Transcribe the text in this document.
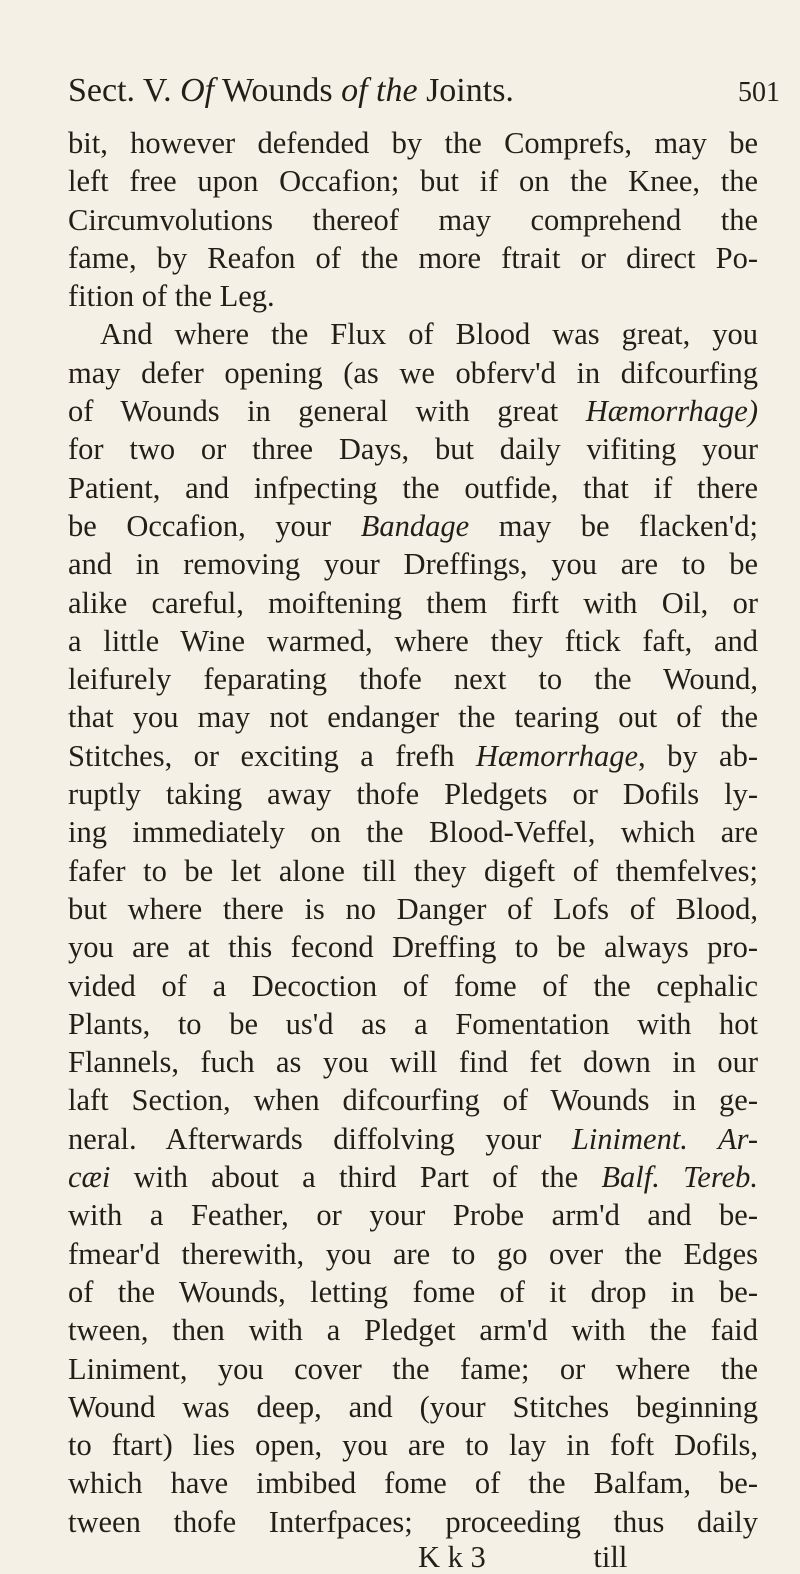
Sect. V. Of Wounds of the Joints.	501
bit, however defended by the Comprefs, may be
left free upon Occafion; but if on the Knee, the
Circumvolutions thereof may comprehend the
fame, by Reafon of the more ftrait or direct Po-
fition of the Leg.
And where the Flux of Blood was great, you
may defer opening (as we obferv'd in difcourfing
of Wounds in general with great Hæmorrhage)
for two or three Days, but daily vifiting your
Patient, and infpecting the outfide, that if there
be Occafion, your Bandage may be flacken'd;
and in removing your Dreffings, you are to be
alike careful, moiftening them firft with Oil, or
a little Wine warmed, where they ftick faft, and
leifurely feparating thofe next to the Wound,
that you may not endanger the tearing out of the
Stitches, or exciting a frefh Hæmorrhage, by ab-
ruptly taking away thofe Pledgets or Dofils ly-
ing immediately on the Blood-Veffel, which are
fafer to be let alone till they digeft of themfelves;
but where there is no Danger of Lofs of Blood,
you are at this fecond Dreffing to be always pro-
vided of a Decoction of fome of the cephalic
Plants, to be us'd as a Fomentation with hot
Flannels, fuch as you will find fet down in our
laft Section, when difcourfing of Wounds in ge-
neral. Afterwards diffolving your Liniment. Ar-
cæi with about a third Part of the Balf. Tereb.
with a Feather, or your Probe arm'd and be-
fmear'd therewith, you are to go over the Edges
of the Wounds, letting fome of it drop in be-
tween, then with a Pledget arm'd with the faid
Liniment, you cover the fame; or where the
Wound was deep, and (your Stitches beginning
to ftart) lies open, you are to lay in foft Dofils,
which have imbibed fome of the Balfam, be-
tween thofe Interfpaces; proceeding thus daily
K k 3	till
